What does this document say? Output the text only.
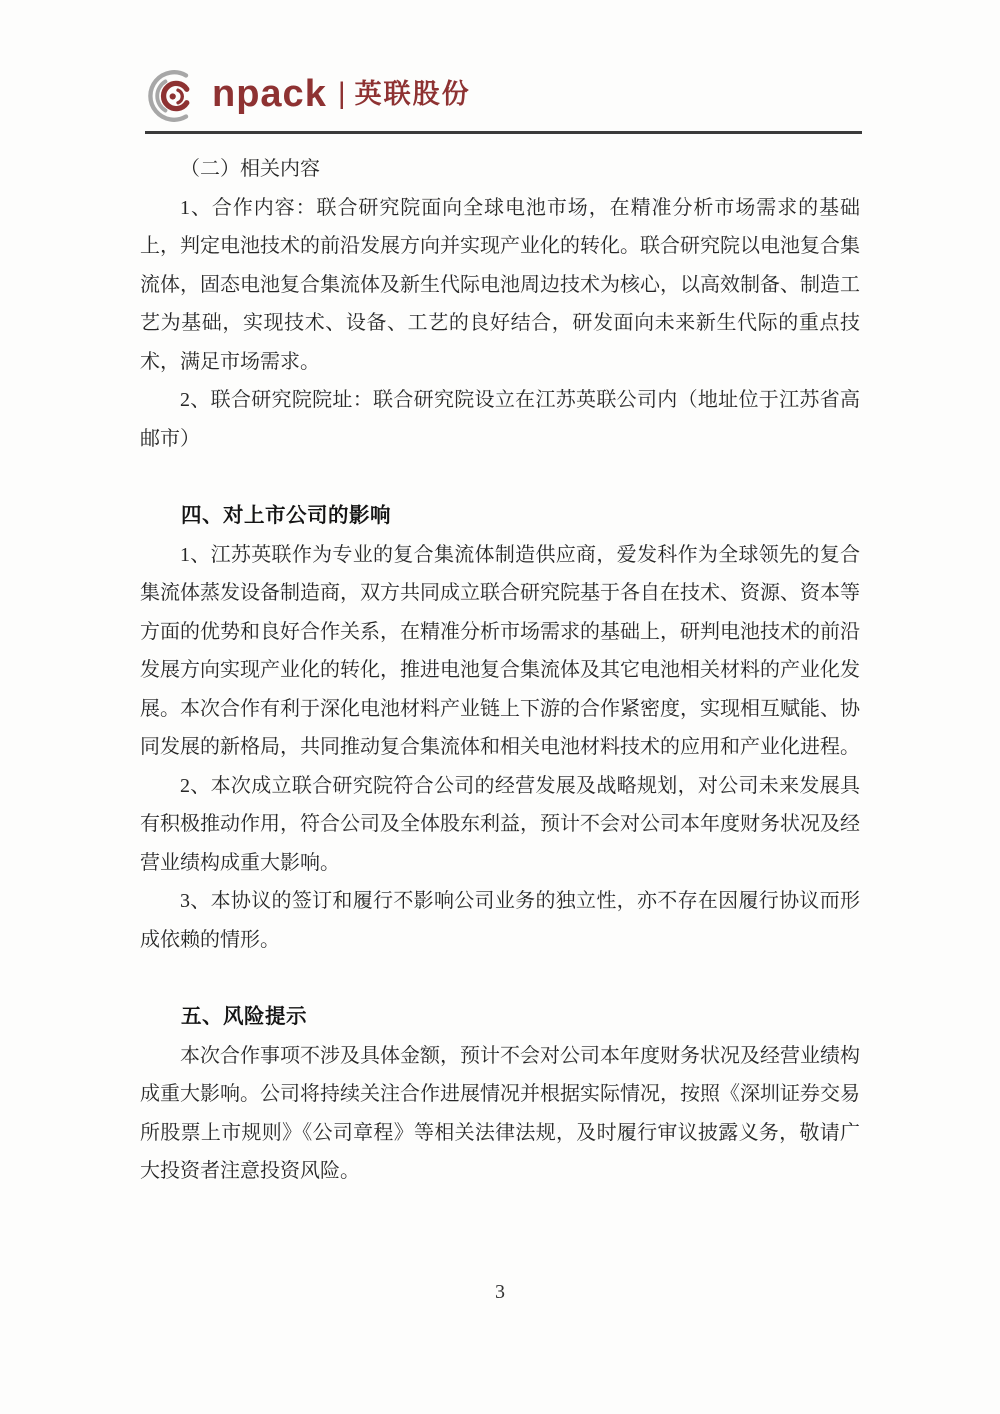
npack | 英联股份

（二）相关内容

1、合作内容：联合研究院面向全球电池市场，在精准分析市场需求的基础上，判定电池技术的前沿发展方向并实现产业化的转化。联合研究院以电池复合集流体，固态电池复合集流体及新生代际电池周边技术为核心，以高效制备、制造工艺为基础，实现技术、设备、工艺的良好结合，研发面向未来新生代际的重点技术，满足市场需求。

2、联合研究院院址：联合研究院设立在江苏英联公司内（地址位于江苏省高邮市）

四、对上市公司的影响

1、江苏英联作为专业的复合集流体制造供应商，爱发科作为全球领先的复合集流体蒸发设备制造商，双方共同成立联合研究院基于各自在技术、资源、资本等方面的优势和良好合作关系，在精准分析市场需求的基础上，研判电池技术的前沿发展方向实现产业化的转化，推进电池复合集流体及其它电池相关材料的产业化发展。本次合作有利于深化电池材料产业链上下游的合作紧密度，实现相互赋能、协同发展的新格局，共同推动复合集流体和相关电池材料技术的应用和产业化进程。

2、本次成立联合研究院符合公司的经营发展及战略规划，对公司未来发展具有积极推动作用，符合公司及全体股东利益，预计不会对公司本年度财务状况及经营业绩构成重大影响。

3、本协议的签订和履行不影响公司业务的独立性，亦不存在因履行协议而形成依赖的情形。

五、风险提示

本次合作事项不涉及具体金额，预计不会对公司本年度财务状况及经营业绩构成重大影响。公司将持续关注合作进展情况并根据实际情况，按照《深圳证券交易所股票上市规则》《公司章程》等相关法律法规，及时履行审议披露义务，敬请广大投资者注意投资风险。

3
